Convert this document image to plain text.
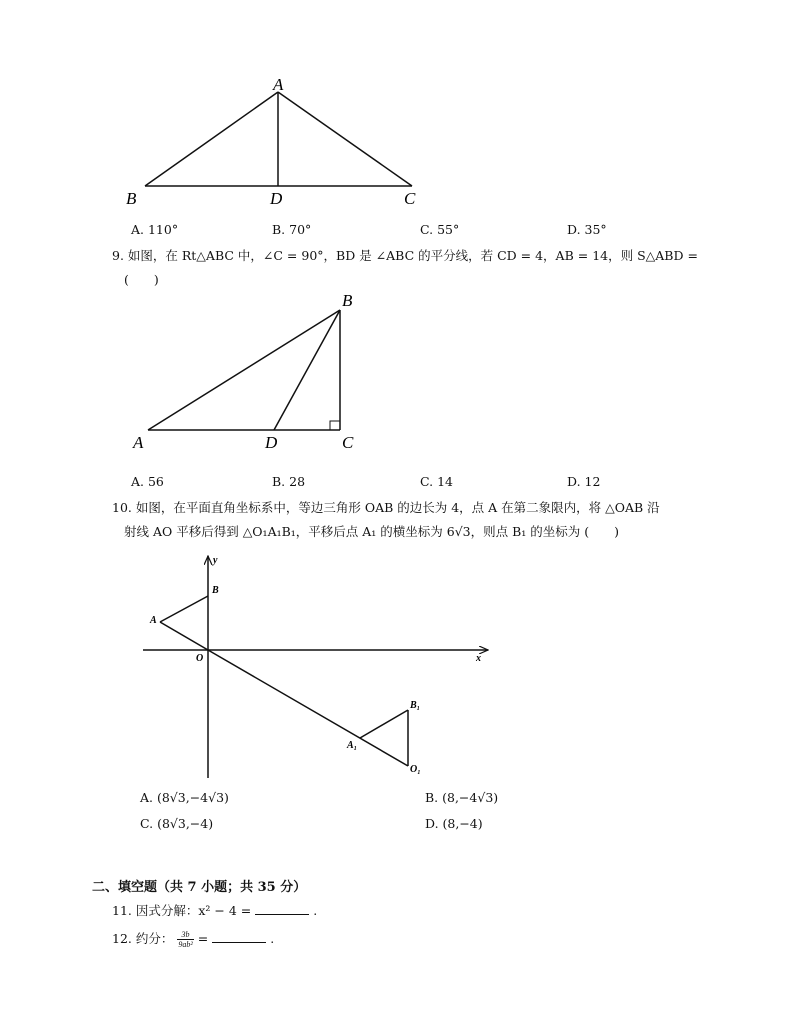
A
B	D	C
A. 110°	B. 70°	C. 55°	D. 35°
9. 如图，在 Rt△ABC 中，∠C = 90°，BD 是 ∠ABC 的平分线，若 CD = 4，AB = 14，则 S△ABD =
(　　)
B
A	D	C
A. 56	B. 28	C. 14	D. 12
10. 如图，在平面直角坐标系中，等边三角形 OAB 的边长为 4，点 A 在第二象限内，将 △OAB 沿
射线 AO 平移后得到 △O₁A₁B₁，平移后点 A₁ 的横坐标为 6√3，则点 B₁ 的坐标为 (　　)
y
x
O
A
B
A₁
B₁
O₁
A. (8√3,−4√3)	B. (8,−4√3)
C. (8√3,−4)	D. (8,−4)
二、填空题（共 7 小题；共 35 分）
11. 因式分解：x² − 4 =	.
12. 约分： $\frac{3b}{\text{9ab²}}$ =	.
